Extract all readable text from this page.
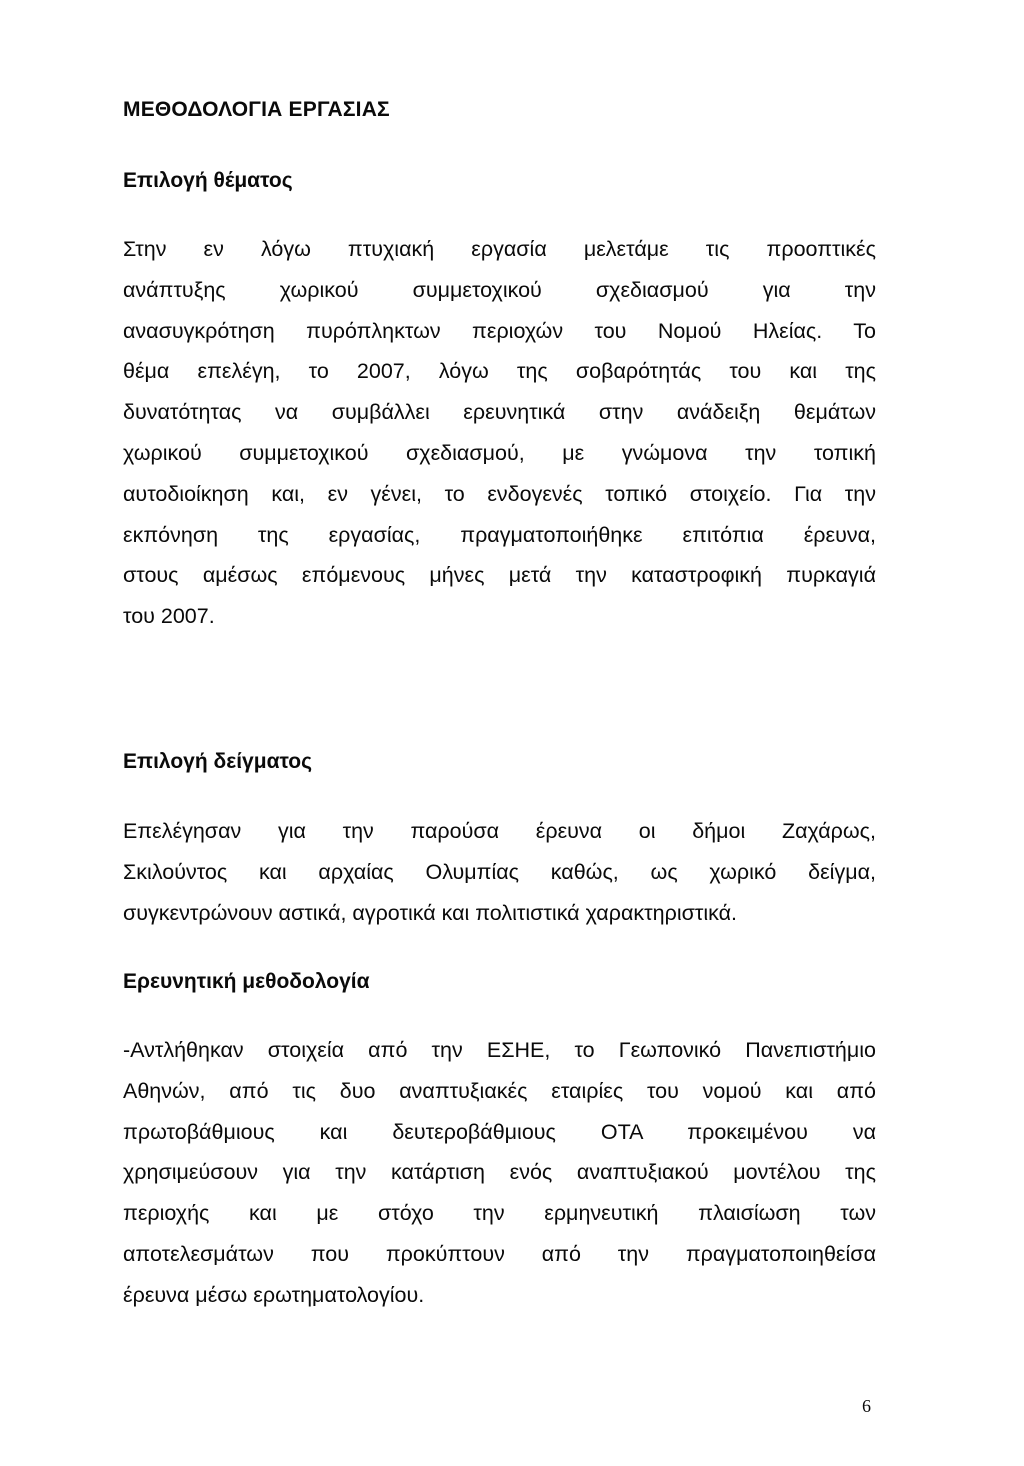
ΜΕΘΟΔΟΛΟΓΙΑ ΕΡΓΑΣΙΑΣ
Επιλογή θέματος
Στην εν λόγω πτυχιακή εργασία μελετάμε τις προοπτικές
ανάπτυξης χωρικού συμμετοχικού σχεδιασμού για την
ανασυγκρότηση πυρόπληκτων περιοχών του Νομού Ηλείας. Το
θέμα επελέγη, το 2007, λόγω της σοβαρότητάς του και της
δυνατότητας να συμβάλλει ερευνητικά στην ανάδειξη θεμάτων
χωρικού συμμετοχικού σχεδιασμού, με γνώμονα την τοπική
αυτοδιοίκηση και, εν γένει, το ενδογενές τοπικό στοιχείο. Για την
εκπόνηση της εργασίας, πραγματοποιήθηκε επιτόπια έρευνα,
στους αμέσως επόμενους μήνες μετά την καταστροφική πυρκαγιά
του 2007.
Επιλογή δείγματος
Επελέγησαν για την παρούσα έρευνα οι δήμοι Ζαχάρως,
Σκιλούντος και αρχαίας Ολυμπίας καθώς, ως χωρικό δείγμα,
συγκεντρώνουν αστικά, αγροτικά και πολιτιστικά χαρακτηριστικά.
Ερευνητική μεθοδολογία
-Αντλήθηκαν στοιχεία από την ΕΣΗΕ, το Γεωπονικό Πανεπιστήμιο
Αθηνών, από τις δυο αναπτυξιακές εταιρίες του νομού και από
πρωτοβάθμιους και δευτεροβάθμιους ΟΤΑ προκειμένου να
χρησιμεύσουν για την κατάρτιση ενός αναπτυξιακού μοντέλου της
περιοχής και με στόχο την ερμηνευτική πλαισίωση των
αποτελεσμάτων που προκύπτουν από την πραγματοποιηθείσα
έρευνα μέσω ερωτηματολογίου.
6
